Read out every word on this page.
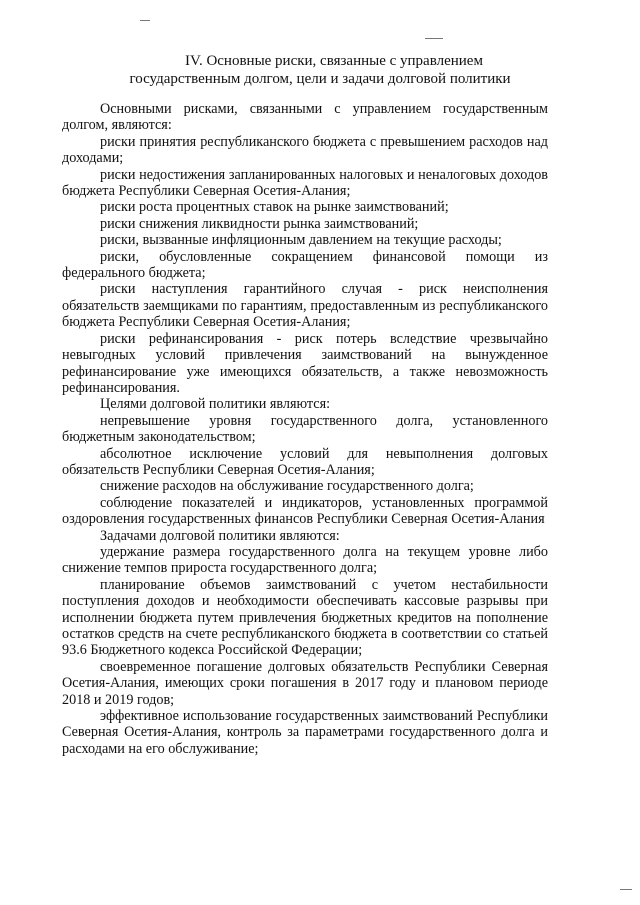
IV. Основные риски, связанные с управлением
государственным долгом, цели и задачи долговой политики

Основными рисками, связанными с управлением государственным долгом, являются:

риски принятия республиканского бюджета с превышением расходов над доходами;

риски недостижения запланированных налоговых и неналоговых доходов бюджета Республики Северная Осетия-Алания;

риски роста процентных ставок на рынке заимствований;

риски снижения ликвидности рынка заимствований;

риски, вызванные инфляционным давлением на текущие расходы;

риски, обусловленные сокращением финансовой помощи из федерального бюджета;

риски наступления гарантийного случая - риск неисполнения обязательств заемщиками по гарантиям, предоставленным из республиканского бюджета Республики Северная Осетия-Алания;

риски рефинансирования - риск потерь вследствие чрезвычайно невыгодных условий привлечения заимствований на вынужденное рефинансирование уже имеющихся обязательств, а также невозможность рефинансирования.

Целями долговой политики являются:

непревышение уровня государственного долга, установленного бюджетным законодательством;

абсолютное исключение условий для невыполнения долговых обязательств Республики Северная Осетия-Алания;

снижение расходов на обслуживание государственного долга;

соблюдение показателей и индикаторов, установленных программой оздоровления государственных финансов Республики Северная Осетия-Алания

Задачами долговой политики являются:

удержание размера государственного долга на текущем уровне либо снижение темпов прироста государственного долга;

планирование объемов заимствований с учетом нестабильности поступления доходов и необходимости обеспечивать кассовые разрывы при исполнении бюджета путем привлечения бюджетных кредитов на пополнение остатков средств на счете республиканского бюджета в соответствии со статьей 93.6 Бюджетного кодекса Российской Федерации;

своевременное погашение долговых обязательств Республики Северная Осетия-Алания, имеющих сроки погашения в 2017 году и плановом периоде 2018 и 2019 годов;

эффективное использование государственных заимствований Республики Северная Осетия-Алания, контроль за параметрами государственного долга и расходами на его обслуживание;
